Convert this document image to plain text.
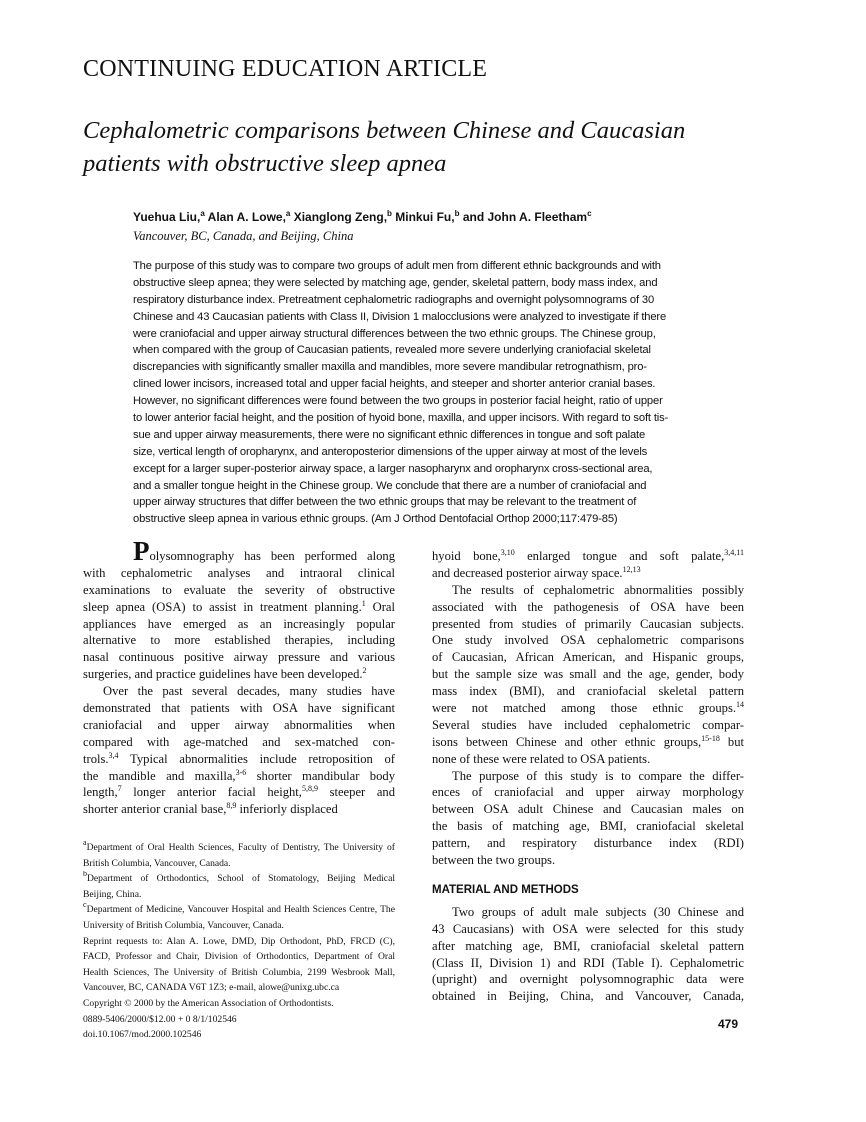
CONTINUING EDUCATION ARTICLE
Cephalometric comparisons between Chinese and Caucasian
patients with obstructive sleep apnea
Yuehua Liu,$^a$ Alan A. Lowe,$^a$ Xianglong Zeng,$^b$ Minkui Fu,$^b$ and John A. Fleetham$^c$
Vancouver, BC, Canada, and Beijing, China
The purpose of this study was to compare two groups of adult men from different ethnic backgrounds and with
obstructive sleep apnea; they were selected by matching age, gender, skeletal pattern, body mass index, and
respiratory disturbance index. Pretreatment cephalometric radiographs and overnight polysomnograms of 30
Chinese and 43 Caucasian patients with Class II, Division 1 malocclusions were analyzed to investigate if there
were craniofacial and upper airway structural differences between the two ethnic groups. The Chinese group,
when compared with the group of Caucasian patients, revealed more severe underlying craniofacial skeletal
discrepancies with significantly smaller maxilla and mandibles, more severe mandibular retrognathism, pro-
clined lower incisors, increased total and upper facial heights, and steeper and shorter anterior cranial bases.
However, no significant differences were found between the two groups in posterior facial height, ratio of upper
to lower anterior facial height, and the position of hyoid bone, maxilla, and upper incisors. With regard to soft tis-
sue and upper airway measurements, there were no significant ethnic differences in tongue and soft palate
size, vertical length of oropharynx, and anteroposterior dimensions of the upper airway at most of the levels
except for a larger super-posterior airway space, a larger nasopharynx and oropharynx cross-sectional area,
and a smaller tongue height in the Chinese group. We conclude that there are a number of craniofacial and
upper airway structures that differ between the two ethnic groups that may be relevant to the treatment of
obstructive sleep apnea in various ethnic groups. (Am J Orthod Dentofacial Orthop 2000;117:479-85)
Polysomnography has been performed along
with cephalometric analyses and intraoral clinical
examinations to evaluate the severity of obstructive
sleep apnea (OSA) to assist in treatment planning.$^1$ Oral
appliances have emerged as an increasingly popular
alternative to more established therapies, including
nasal continuous positive airway pressure and various
surgeries, and practice guidelines have been developed.$^2$
Over the past several decades, many studies have
demonstrated that patients with OSA have significant
craniofacial and upper airway abnormalities when
compared with age-matched and sex-matched con-
trols.$^{3,4}$ Typical abnormalities include retroposition of
the mandible and maxilla,$^{3-6}$ shorter mandibular body
length,$^7$ longer anterior facial height,$^{5,8,9}$ steeper and
shorter anterior cranial base,$^{8,9}$ inferiorly displaced
hyoid bone,$^{3,10}$ enlarged tongue and soft palate,$^{3,4,11}$
and decreased posterior airway space.$^{12,13}$
The results of cephalometric abnormalities possibly
associated with the pathogenesis of OSA have been
presented from studies of primarily Caucasian subjects.
One study involved OSA cephalometric comparisons
of Caucasian, African American, and Hispanic groups,
but the sample size was small and the age, gender, body
mass index (BMI), and craniofacial skeletal pattern
were not matched among those ethnic groups.$^{14}$
Several studies have included cephalometric compar-
isons between Chinese and other ethnic groups,$^{15-18}$ but
none of these were related to OSA patients.
The purpose of this study is to compare the differ-
ences of craniofacial and upper airway morphology
between OSA adult Chinese and Caucasian males on
the basis of matching age, BMI, craniofacial skeletal
pattern, and respiratory disturbance index (RDI)
between the two groups.
MATERIAL AND METHODS
Two groups of adult male subjects (30 Chinese and
43 Caucasians) with OSA were selected for this study
after matching age, BMI, craniofacial skeletal pattern
(Class II, Division 1) and RDI (Table I). Cephalometric
(upright) and overnight polysomnographic data were
obtained in Beijing, China, and Vancouver, Canada,
$^a$Department of Oral Health Sciences, Faculty of Dentistry, The University of
British Columbia, Vancouver, Canada.
$^b$Department of Orthodontics, School of Stomatology, Beijing Medical
Beijing, China.
$^c$Department of Medicine, Vancouver Hospital and Health Sciences Centre, The
University of British Columbia, Vancouver, Canada.
Reprint requests to: Alan A. Lowe, DMD, Dip Orthodont, PhD, FRCD (C),
FACD, Professor and Chair, Division of Orthodontics, Department of Oral
Health Sciences, The University of British Columbia, 2199 Wesbrook Mall,
Vancouver, BC, CANADA V6T 1Z3; e-mail, alowe@unixg.ubc.ca
Copyright © 2000 by the American Association of Orthodontists.
0889-5406/2000/$12.00 + 0 8/1/102546
doi.10.1067/mod.2000.102546
479
